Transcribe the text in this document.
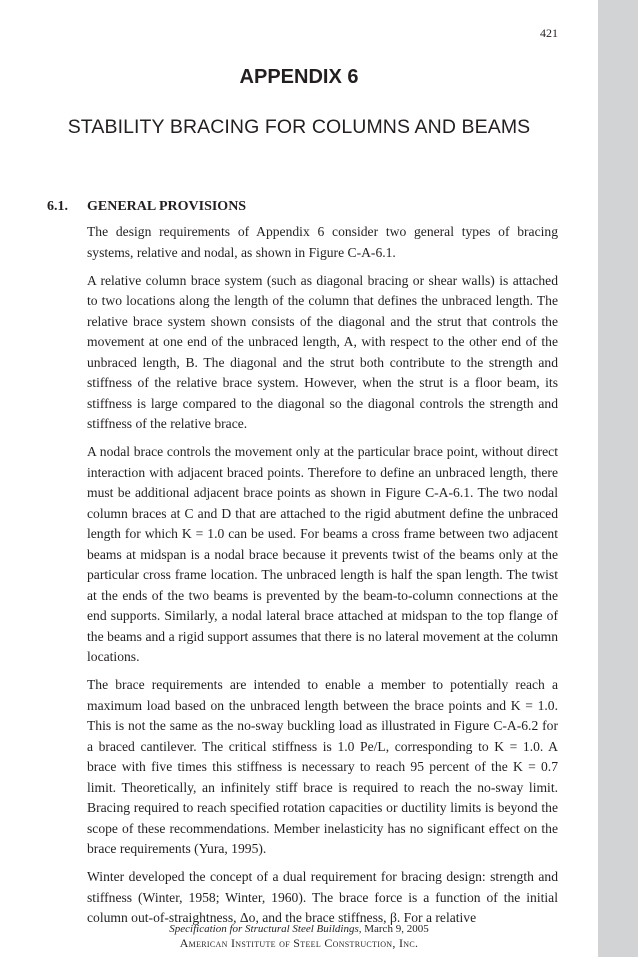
421
APPENDIX 6
STABILITY BRACING FOR COLUMNS AND BEAMS
6.1. GENERAL PROVISIONS

The design requirements of Appendix 6 consider two general types of bracing systems, relative and nodal, as shown in Figure C-A-6.1.

A relative column brace system (such as diagonal bracing or shear walls) is attached to two locations along the length of the column that defines the unbraced length. The relative brace system shown consists of the diagonal and the strut that controls the movement at one end of the unbraced length, A, with respect to the other end of the unbraced length, B. The diagonal and the strut both contribute to the strength and stiffness of the relative brace system. However, when the strut is a floor beam, its stiffness is large compared to the diagonal so the diagonal controls the strength and stiffness of the relative brace.

A nodal brace controls the movement only at the particular brace point, without direct interaction with adjacent braced points. Therefore to define an unbraced length, there must be additional adjacent brace points as shown in Figure C-A-6.1. The two nodal column braces at C and D that are attached to the rigid abutment define the unbraced length for which K = 1.0 can be used. For beams a cross frame between two adjacent beams at midspan is a nodal brace because it prevents twist of the beams only at the particular cross frame location. The unbraced length is half the span length. The twist at the ends of the two beams is prevented by the beam-to-column connections at the end supports. Similarly, a nodal lateral brace attached at midspan to the top flange of the beams and a rigid support assumes that there is no lateral movement at the column locations.

The brace requirements are intended to enable a member to potentially reach a maximum load based on the unbraced length between the brace points and K = 1.0. This is not the same as the no-sway buckling load as illustrated in Figure C-A-6.2 for a braced cantilever. The critical stiffness is 1.0 Pe/L, corresponding to K = 1.0. A brace with five times this stiffness is necessary to reach 95 percent of the K = 0.7 limit. Theoretically, an infinitely stiff brace is required to reach the no-sway limit. Bracing required to reach specified rotation capacities or ductility limits is beyond the scope of these recommendations. Member inelasticity has no significant effect on the brace requirements (Yura, 1995).

Winter developed the concept of a dual requirement for bracing design: strength and stiffness (Winter, 1958; Winter, 1960). The brace force is a function of the initial column out-of-straightness, Δo, and the brace stiffness, β. For a relative

Specification for Structural Steel Buildings, March 9, 2005
American Institute of Steel Construction, Inc.
